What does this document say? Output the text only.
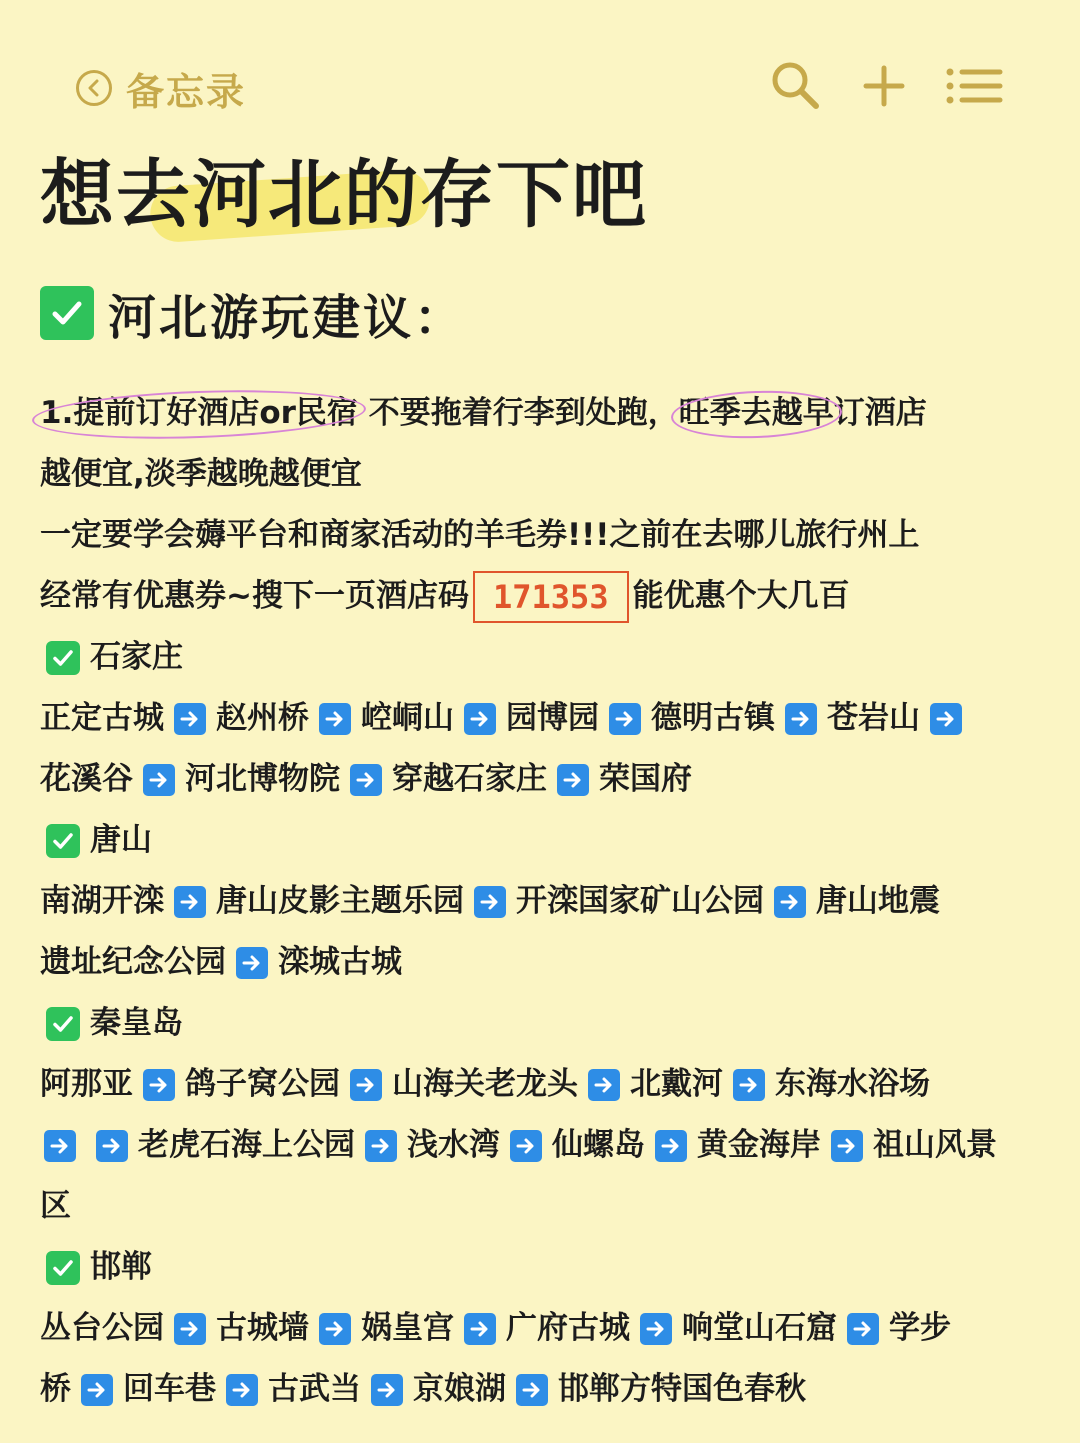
备忘录
想去河北的存下吧
河北游玩建议：
1.提前订好酒店or民宿 不要拖着行李到处跑， 旺季去越早 订酒店
越便宜,淡季越晚越便宜
一定要学会薅平台和商家活动的羊毛券!!!之前在去哪儿旅行州上
经常有优惠券~搜下一页酒店码 171353 能优惠个大几百
石家庄
正定古城 赵州桥 崆峒山 园博园 德明古镇 苍岩山
花溪谷 河北博物院 穿越石家庄 荣国府
唐山
南湖开滦 唐山皮影主题乐园 开滦国家矿山公园 唐山地震
遗址纪念公园 滦城古城
秦皇岛
阿那亚 鸽子窝公园 山海关老龙头 北戴河 东海水浴场
老虎石海上公园 浅水湾 仙螺岛 黄金海岸 祖山风景
区
邯郸
丛台公园 古城墙 娲皇宫 广府古城 响堂山石窟 学步
桥 回车巷 古武当 京娘湖 邯郸方特国色春秋
